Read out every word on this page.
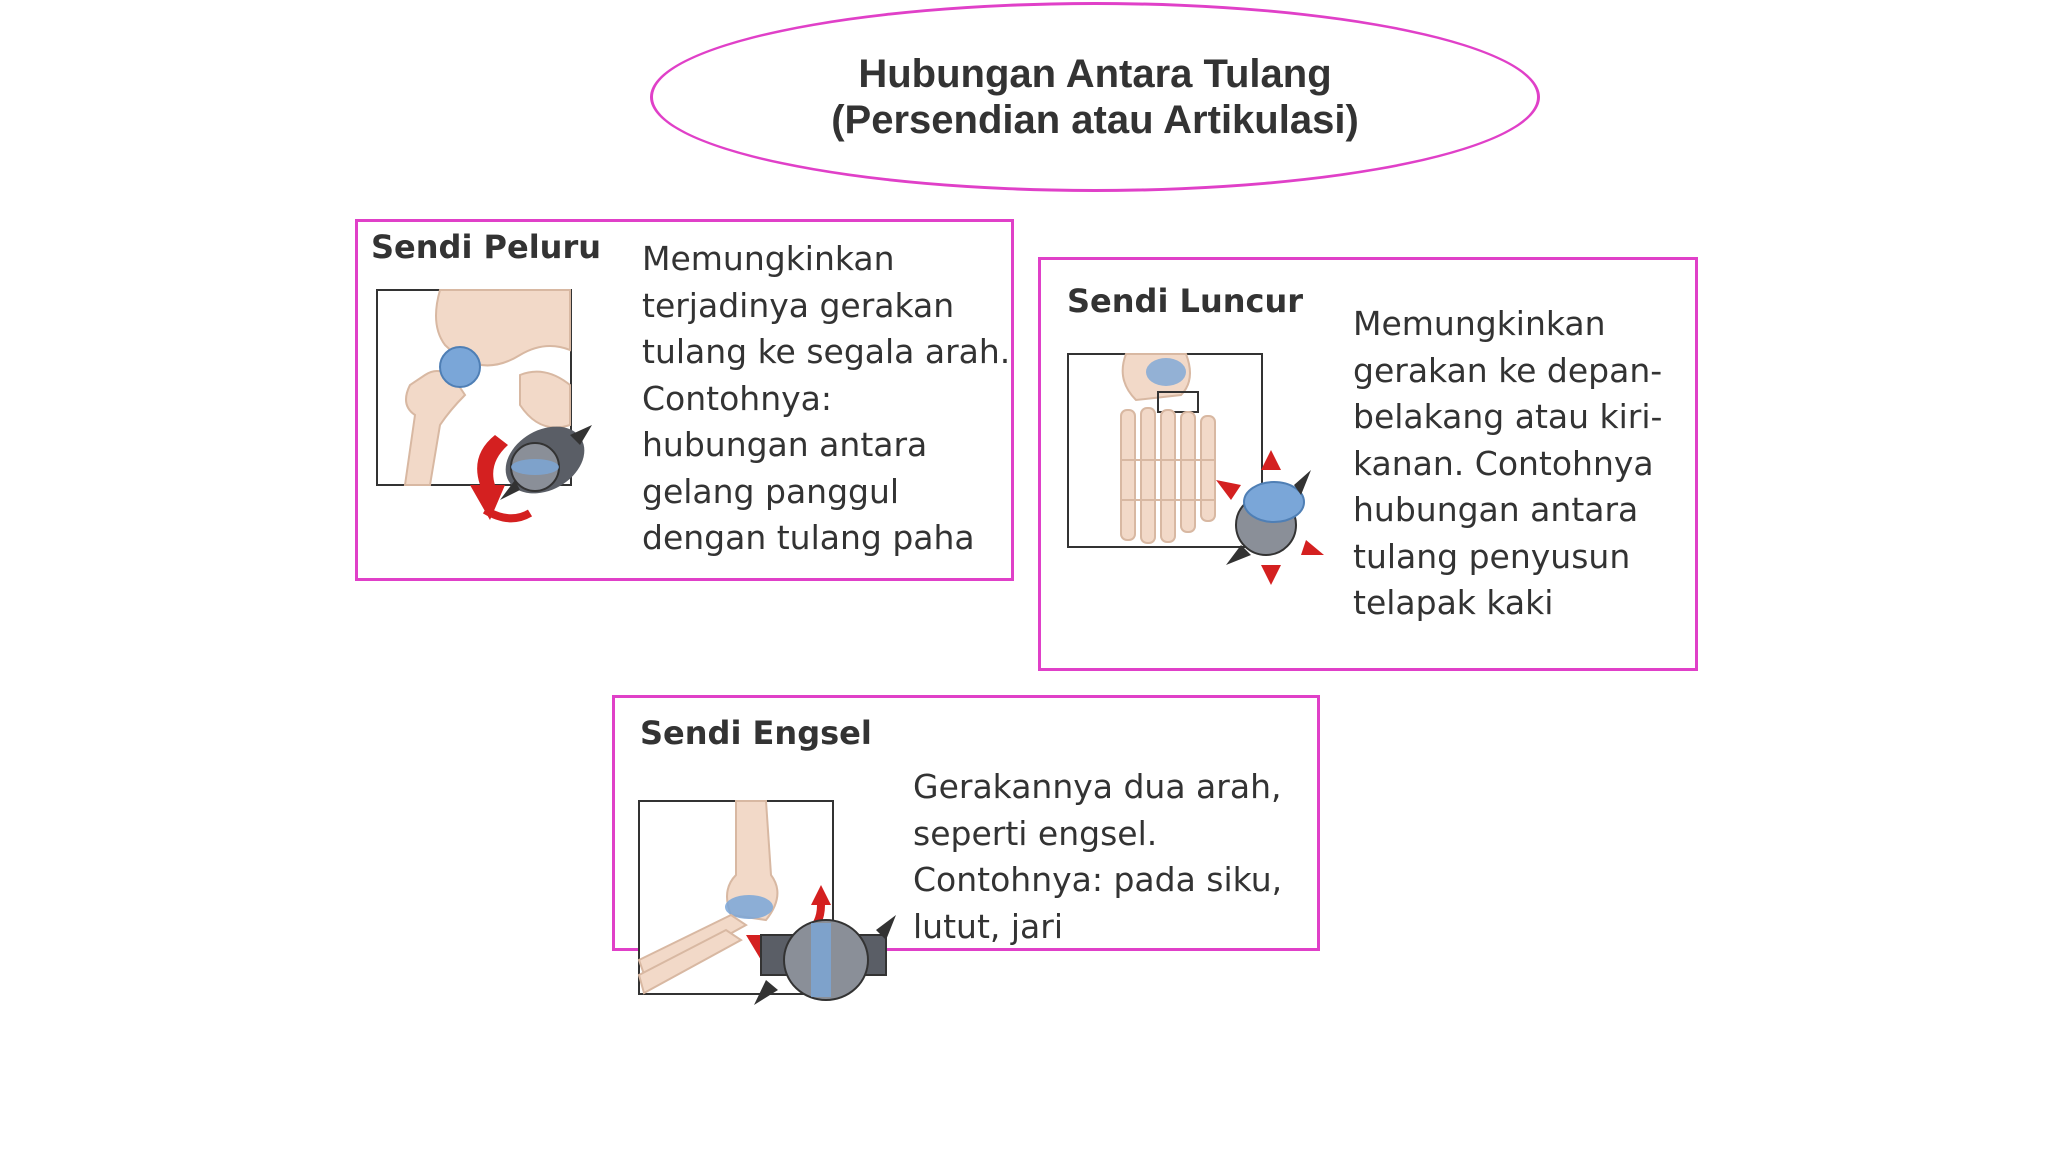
Hubungan Antara Tulang
(Persendian atau Artikulasi)
Sendi Peluru Memungkinkan
terjadinya gerakan
tulang ke segala arah.
Contohnya:
hubungan antara
gelang panggul
dengan tulang paha
Sendi Luncur
Memungkinkan
gerakan ke depan-
belakang atau kiri-
kanan. Contohnya
hubungan antara
tulang penyusun
telapak kaki
Sendi Engsel
Gerakannya dua arah,
seperti engsel.
Contohnya: pada siku,
lutut, jari
